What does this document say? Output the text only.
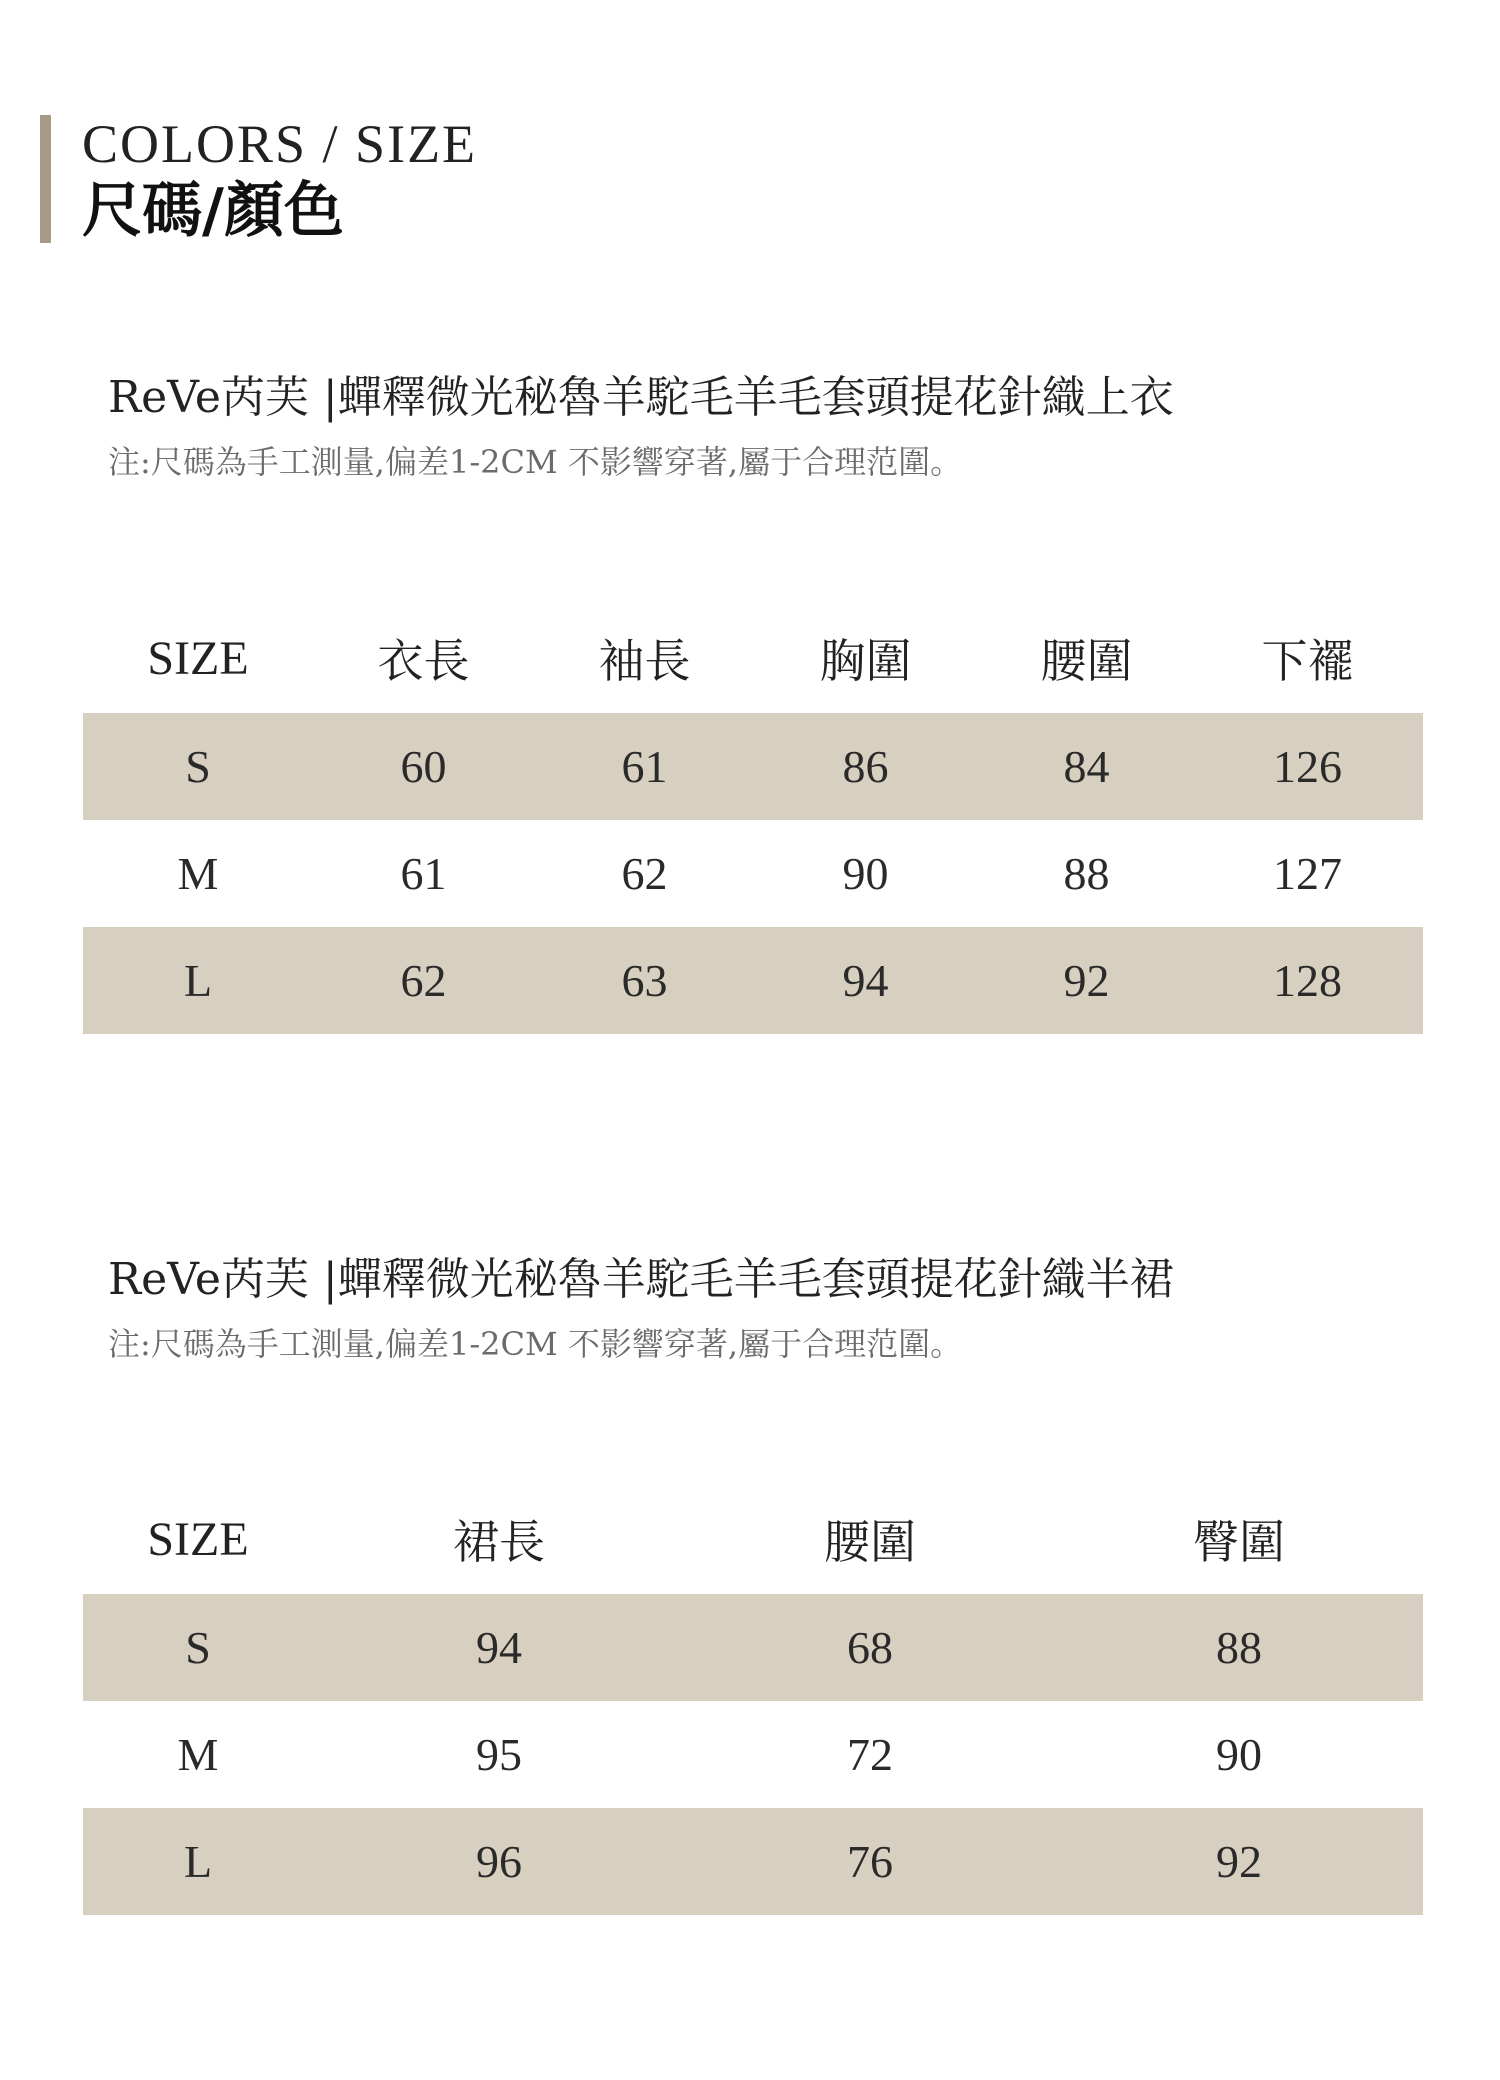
COLORS / SIZE
尺碼/顏色
ReVe芮芙 |蟬釋微光秘魯羊駝毛羊毛套頭提花針織上衣
注:尺碼為手工測量,偏差1-2CM 不影響穿著,屬于合理范圍。
SIZE	衣長	袖長	胸圍	腰圍	下襬
S	60	61	86	84	126
M	61	62	90	88	127
L	62	63	94	92	128
ReVe芮芙 |蟬釋微光秘魯羊駝毛羊毛套頭提花針織半裙
注:尺碼為手工測量,偏差1-2CM 不影響穿著,屬于合理范圍。
SIZE	裙長	腰圍	臀圍
S	94	68	88
M	95	72	90
L	96	76	92
